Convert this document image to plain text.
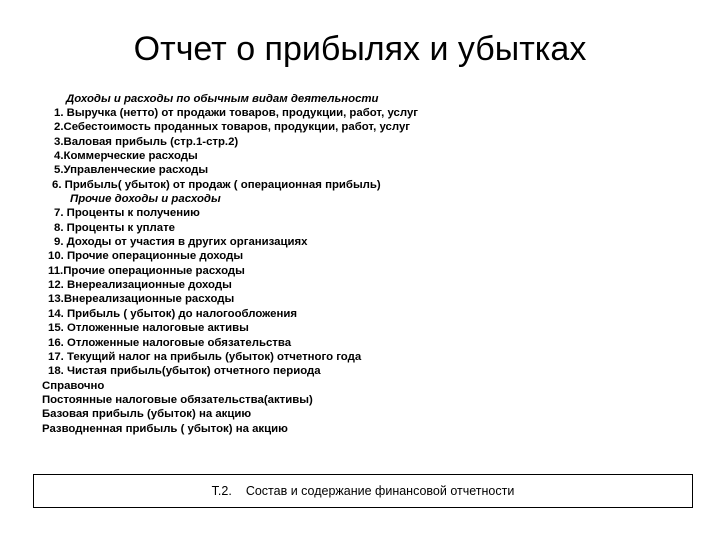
Отчет о прибылях и убытках
Доходы и расходы по обычным видам деятельности
1. Выручка (нетто) от продажи товаров, продукции, работ, услуг
2.Себестоимость проданных товаров, продукции, работ, услуг
3.Валовая прибыль (стр.1-стр.2)
4.Коммерческие расходы
5.Управленческие расходы
6. Прибыль( убыток) от продаж ( операционная прибыль)
Прочие доходы и расходы
7. Проценты к получению
8. Проценты к уплате
9. Доходы от участия в других организациях
10. Прочие операционные доходы
11.Прочие операционные расходы
12. Внереализационные доходы
13.Внереализационные расходы
14. Прибыль ( убыток) до налогообложения
15. Отложенные налоговые активы
16. Отложенные налоговые обязательства
17. Текущий налог на прибыль (убыток) отчетного года
18. Чистая прибыль(убыток) отчетного периода
Справочно
Постоянные налоговые обязательства(активы)
Базовая прибыль (убыток) на акцию
Разводненная прибыль ( убыток) на акцию
Т.2. Состав и содержание финансовой отчетности
